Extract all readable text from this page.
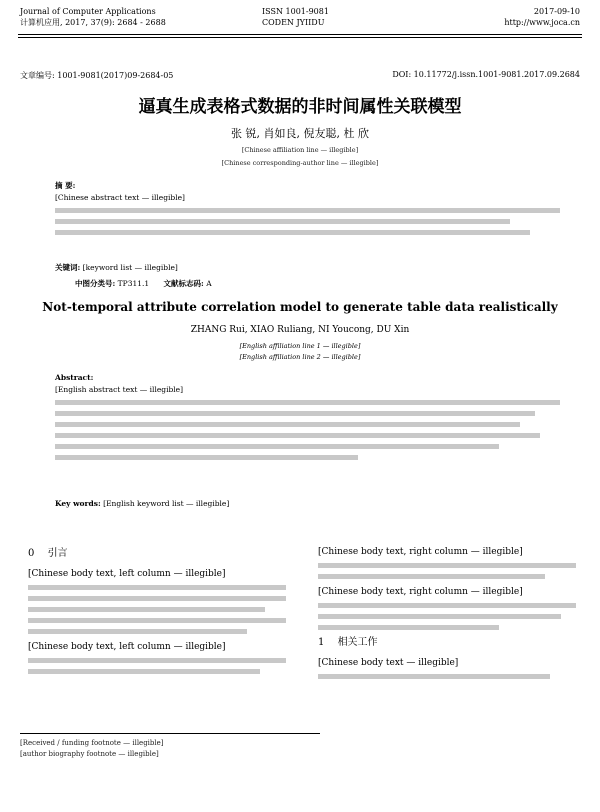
Journal of Computer Applications
计算机应用, 2017, 37(9): 2684 - 2688
ISSN 1001-9081
CODEN JYIIDU
2017-09-10
http://www.joca.cn
文章编号: 1001-9081(2017)09-2684-05	DOI: 10.11772/j.issn.1001-9081.2017.09.2684
逼真生成表格式数据的非时间属性关联模型
张 锐, 肖如良, 倪友聪, 杜 欣
[Chinese affiliation line — illegible]
[Chinese corresponding-author line — illegible]
摘 要:
[Chinese abstract text — illegible]
关键词: [keyword list — illegible]
中图分类号: TP311.1 文献标志码: A
Not-temporal attribute correlation model to generate table data realistically
ZHANG Rui, XIAO Ruliang, NI Youcong, DU Xin
[English affiliation line 1 — illegible]
[English affiliation line 2 — illegible]
Abstract:
[English abstract text — illegible]
Key words: [English keyword list — illegible]
0 引言
[Chinese body text, left column — illegible]
[Chinese body text, left column — illegible]
[Chinese body text, right column — illegible]
[Chinese body text, right column — illegible]
1 相关工作
[Chinese body text — illegible]
[Received / funding footnote — illegible]
[author biography footnote — illegible]
